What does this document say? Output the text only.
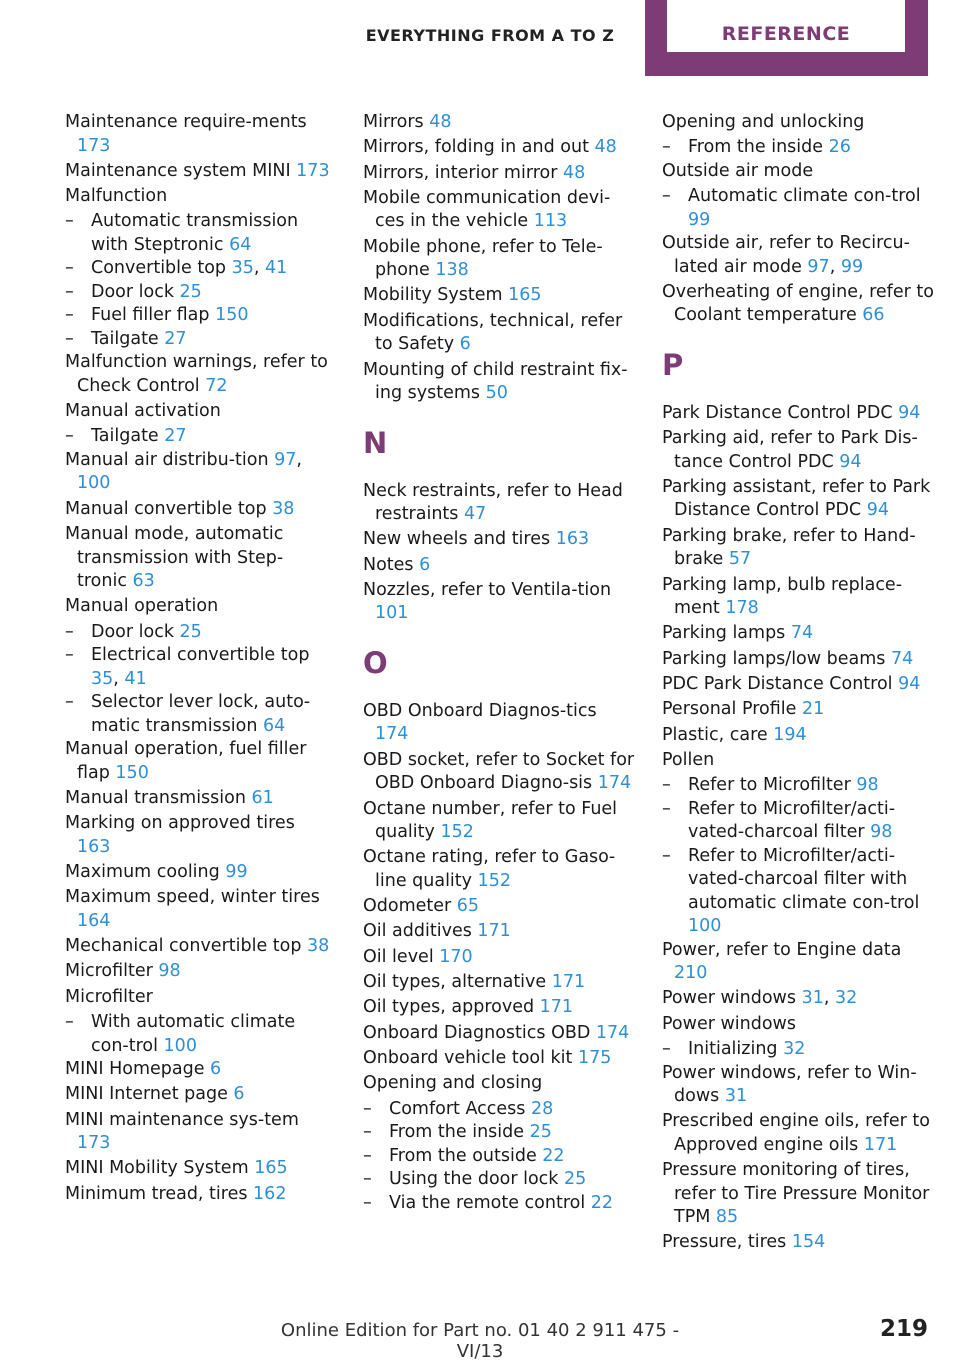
EVERYTHING FROM A TO Z	REFERENCE
Maintenance require‐ments 173
Maintenance system MINI 173
Malfunction
– Automatic transmission with Steptronic 64
– Convertible top 35, 41
– Door lock 25
– Fuel filler flap 150
– Tailgate 27
Malfunction warnings, refer to Check Control 72
Manual activation
– Tailgate 27
Manual air distribu‐tion 97, 100
Manual convertible top 38
Manual mode, automatic transmission with Step‐tronic 63
Manual operation
– Door lock 25
– Electrical convertible top 35, 41
– Selector lever lock, auto‐matic transmission 64
Manual operation, fuel filler flap 150
Manual transmission 61
Marking on approved tires 163
Maximum cooling 99
Maximum speed, winter tires 164
Mechanical convertible top 38
Microfilter 98
Microfilter
– With automatic climate con‐trol 100
MINI Homepage 6
MINI Internet page 6
MINI maintenance sys‐tem 173
MINI Mobility System 165
Minimum tread, tires 162
Mirrors 48
Mirrors, folding in and out 48
Mirrors, interior mirror 48
Mobile communication devi‐ces in the vehicle 113
Mobile phone, refer to Tele‐phone 138
Mobility System 165
Modifications, technical, refer to Safety 6
Mounting of child restraint fix‐ing systems 50
N
Neck restraints, refer to Head restraints 47
New wheels and tires 163
Notes 6
Nozzles, refer to Ventila‐tion 101
O
OBD Onboard Diagnos‐tics 174
OBD socket, refer to Socket for OBD Onboard Diagno‐sis 174
Octane number, refer to Fuel quality 152
Octane rating, refer to Gaso‐line quality 152
Odometer 65
Oil additives 171
Oil level 170
Oil types, alternative 171
Oil types, approved 171
Onboard Diagnostics OBD 174
Onboard vehicle tool kit 175
Opening and closing
– Comfort Access 28
– From the inside 25
– From the outside 22
– Using the door lock 25
– Via the remote control 22
Opening and unlocking
– From the inside 26
Outside air mode
– Automatic climate con‐trol 99
Outside air, refer to Recircu‐lated air mode 97, 99
Overheating of engine, refer to Coolant temperature 66
P
Park Distance Control PDC 94
Parking aid, refer to Park Dis‐tance Control PDC 94
Parking assistant, refer to Park Distance Control PDC 94
Parking brake, refer to Hand‐brake 57
Parking lamp, bulb replace‐ment 178
Parking lamps 74
Parking lamps/low beams 74
PDC Park Distance Control 94
Personal Profile 21
Plastic, care 194
Pollen
– Refer to Microfilter 98
– Refer to Microfilter/acti‐vated-charcoal filter 98
– Refer to Microfilter/acti‐vated-charcoal filter with automatic climate con‐trol 100
Power, refer to Engine data 210
Power windows 31, 32
Power windows
– Initializing 32
Power windows, refer to Win‐dows 31
Prescribed engine oils, refer to Approved engine oils 171
Pressure monitoring of tires, refer to Tire Pressure Monitor TPM 85
Pressure, tires 154
Online Edition for Part no. 01 40 2 911 475 - VI/13
219
